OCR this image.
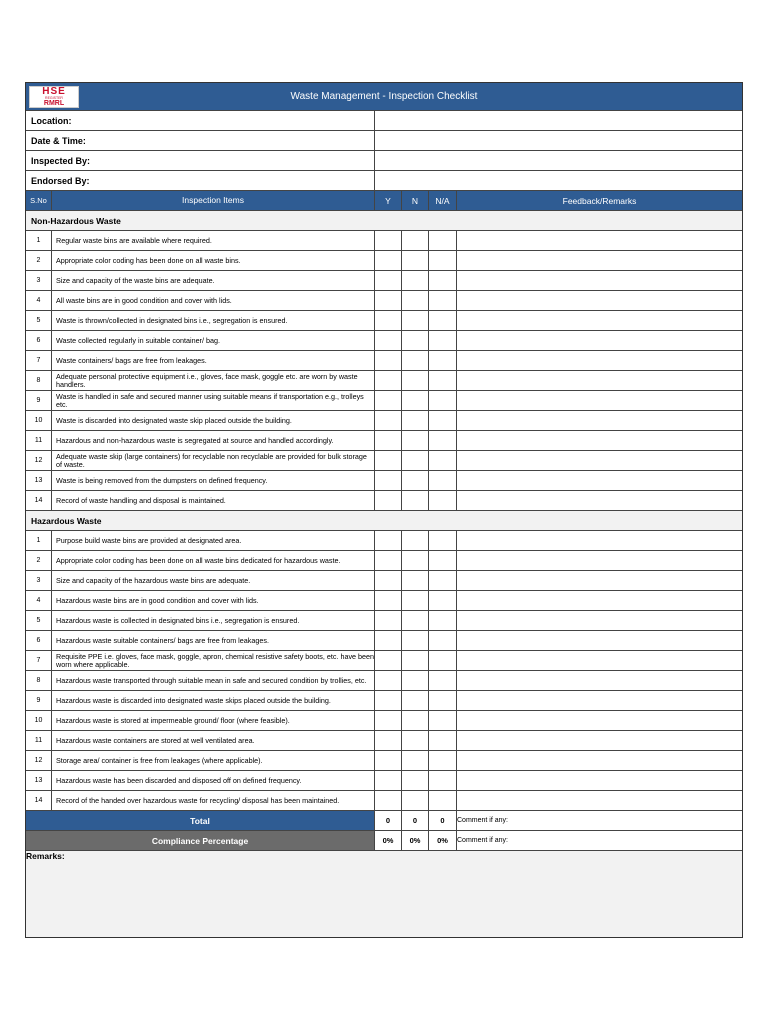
HSE
REGISTER
RMRL
Waste Management - Inspection Checklist
Location:
Date & Time:
Inspected By:
Endorsed By:
S.No	Inspection Items	Y	N	N/A	Feedback/Remarks
Non-Hazardous Waste
1	Regular waste bins are available where required.
2	Appropriate color coding has been done on all waste bins.
3	Size and capacity of the waste bins are adequate.
4	All waste bins are in good condition and cover with lids.
5	Waste is thrown/collected in designated bins i.e., segregation is ensured.
6	Waste collected regularly in suitable container/ bag.
7	Waste containers/ bags are free from leakages.
8	Adequate personal protective equipment i.e., gloves, face mask, goggle etc. are worn by waste handlers.
9	Waste is handled in safe and secured manner using suitable means if transportation e.g., trolleys etc.
10	Waste is discarded into designated waste skip placed outside the building.
11	Hazardous and non-hazardous waste is segregated at source and handled accordingly.
12	Adequate waste skip (large containers) for recyclable non recyclable are provided for bulk storage of waste.
13	Waste is being removed from the dumpsters on defined frequency.
14	Record of waste handling and disposal is maintained.
Hazardous Waste
1	Purpose build waste bins are provided at designated area.
2	Appropriate color coding has been done on all waste bins dedicated for hazardous waste.
3	Size and capacity of the hazardous waste bins are adequate.
4	Hazardous waste bins are in good condition and cover with lids.
5	Hazardous waste is collected in designated bins i.e., segregation is ensured.
6	Hazardous waste suitable containers/ bags are free from leakages.
7	Requisite PPE i.e. gloves, face mask, goggle, apron, chemical resistive safety boots, etc. have been worn where applicable.
8	Hazardous waste transported through suitable mean in safe and secured condition by trollies, etc.
9	Hazardous waste is discarded into designated waste skips placed outside the building.
10	Hazardous waste is stored at impermeable ground/ floor (where feasible).
11	Hazardous waste containers are stored at well ventilated area.
12	Storage area/ container is free from leakages (where applicable).
13	Hazardous waste has been discarded and disposed off on defined frequency.
14	Record of the handed over hazardous waste for recycling/ disposal has been maintained.
Total	0	0	0	Comment if any:
Compliance Percentage	0%	0%	0%	Comment if any:
Remarks:
